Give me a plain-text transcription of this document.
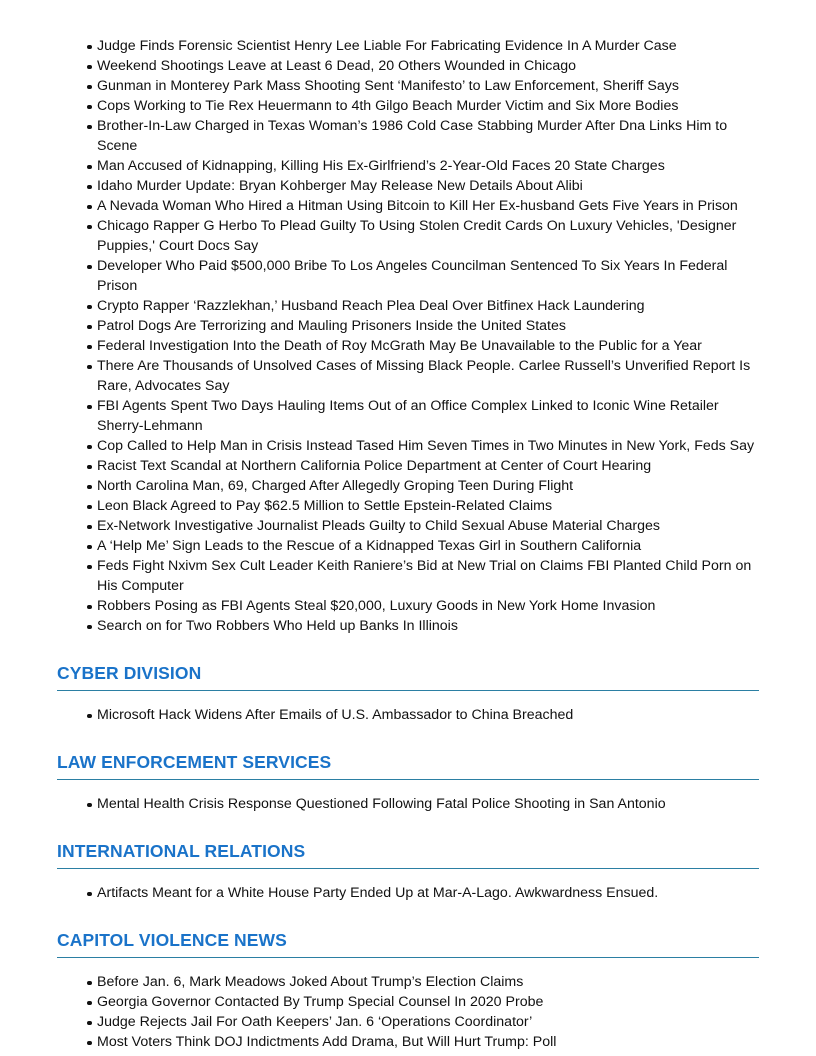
Judge Finds Forensic Scientist Henry Lee Liable For Fabricating Evidence In A Murder Case
Weekend Shootings Leave at Least 6 Dead, 20 Others Wounded in Chicago
Gunman in Monterey Park Mass Shooting Sent ‘Manifesto’ to Law Enforcement, Sheriff Says
Cops Working to Tie Rex Heuermann to 4th Gilgo Beach Murder Victim and Six More Bodies
Brother-In-Law Charged in Texas Woman’s 1986 Cold Case Stabbing Murder After Dna Links Him to Scene
Man Accused of Kidnapping, Killing His Ex-Girlfriend’s 2-Year-Old Faces 20 State Charges
Idaho Murder Update: Bryan Kohberger May Release New Details About Alibi
A Nevada Woman Who Hired a Hitman Using Bitcoin to Kill Her Ex-husband Gets Five Years in Prison
Chicago Rapper G Herbo To Plead Guilty To Using Stolen Credit Cards On Luxury Vehicles, 'Designer Puppies,' Court Docs Say
Developer Who Paid $500,000 Bribe To Los Angeles Councilman Sentenced To Six Years In Federal Prison
Crypto Rapper ‘Razzlekhan,’ Husband Reach Plea Deal Over Bitfinex Hack Laundering
Patrol Dogs Are Terrorizing and Mauling Prisoners Inside the United States
Federal Investigation Into the Death of Roy McGrath May Be Unavailable to the Public for a Year
There Are Thousands of Unsolved Cases of Missing Black People. Carlee Russell’s Unverified Report Is Rare, Advocates Say
FBI Agents Spent Two Days Hauling Items Out of an Office Complex Linked to Iconic Wine Retailer Sherry-Lehmann
Cop Called to Help Man in Crisis Instead Tased Him Seven Times in Two Minutes in New York, Feds Say
Racist Text Scandal at Northern California Police Department at Center of Court Hearing
North Carolina Man, 69, Charged After Allegedly Groping Teen During Flight
Leon Black Agreed to Pay $62.5 Million to Settle Epstein-Related Claims
Ex-Network Investigative Journalist Pleads Guilty to Child Sexual Abuse Material Charges
A ‘Help Me’ Sign Leads to the Rescue of a Kidnapped Texas Girl in Southern California
Feds Fight Nxivm Sex Cult Leader Keith Raniere’s Bid at New Trial on Claims FBI Planted Child Porn on His Computer
Robbers Posing as FBI Agents Steal $20,000, Luxury Goods in New York Home Invasion
Search on for Two Robbers Who Held up Banks In Illinois
CYBER DIVISION
Microsoft Hack Widens After Emails of U.S. Ambassador to China Breached
LAW ENFORCEMENT SERVICES
Mental Health Crisis Response Questioned Following Fatal Police Shooting in San Antonio
INTERNATIONAL RELATIONS
Artifacts Meant for a White House Party Ended Up at Mar-A-Lago. Awkwardness Ensued.
CAPITOL VIOLENCE NEWS
Before Jan. 6, Mark Meadows Joked About Trump’s Election Claims
Georgia Governor Contacted By Trump Special Counsel In 2020 Probe
Judge Rejects Jail For Oath Keepers’ Jan. 6 ‘Operations Coordinator’
Most Voters Think DOJ Indictments Add Drama, But Will Hurt Trump: Poll
